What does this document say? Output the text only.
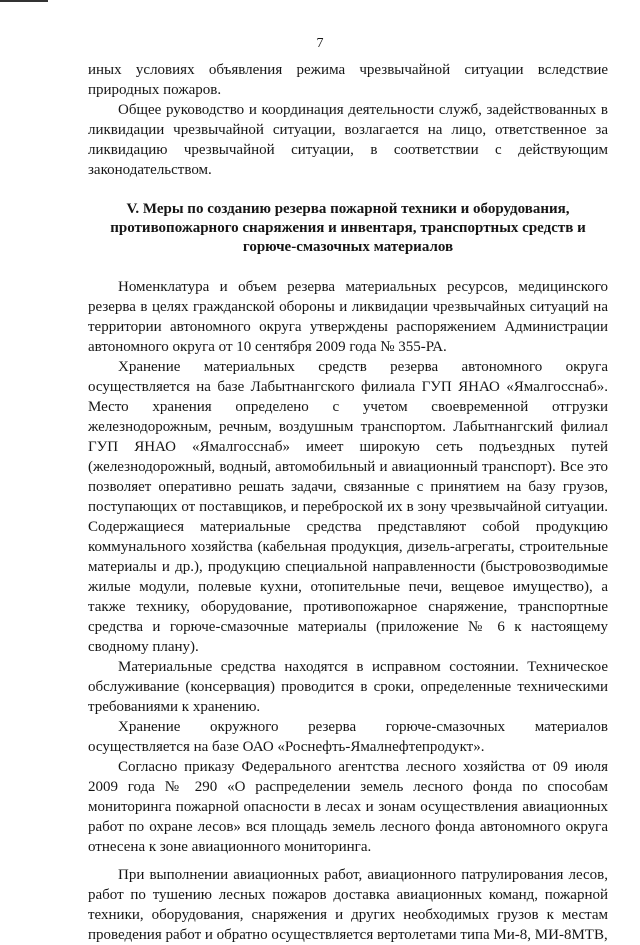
7

иных условиях объявления режима чрезвычайной ситуации вследствие природных пожаров.

Общее руководство и координация деятельности служб, задействованных в ликвидации чрезвычайной ситуации, возлагается на лицо, ответственное за ликвидацию чрезвычайной ситуации, в соответствии с действующим законодательством.

V. Меры по созданию резерва пожарной техники и оборудования, противопожарного снаряжения и инвентаря, транспортных средств и горюче-смазочных материалов

Номенклатура и объем резерва материальных ресурсов, медицинского резерва в целях гражданской обороны и ликвидации чрезвычайных ситуаций на территории автономного округа утверждены распоряжением Администрации автономного округа от 10 сентября 2009 года № 355-РА.

Хранение материальных средств резерва автономного округа осуществляется на базе Лабытнангского филиала ГУП ЯНАО «Ямалгосснаб». Место хранения определено с учетом своевременной отгрузки железнодорожным, речным, воздушным транспортом. Лабытнангский филиал ГУП ЯНАО «Ямалгосснаб» имеет широкую сеть подъездных путей (железнодорожный, водный, автомобильный и авиационный транспорт). Все это позволяет оперативно решать задачи, связанные с принятием на базу грузов, поступающих от поставщиков, и переброской их в зону чрезвычайной ситуации. Содержащиеся материальные средства представляют собой продукцию коммунального хозяйства (кабельная продукция, дизель-агрегаты, строительные материалы и др.), продукцию специальной направленности (быстровозводимые жилые модули, полевые кухни, отопительные печи, вещевое имущество), а также технику, оборудование, противопожарное снаряжение, транспортные средства и горюче-смазочные материалы (приложение № 6 к настоящему сводному плану).

Материальные средства находятся в исправном состоянии. Техническое обслуживание (консервация) проводится в сроки, определенные техническими требованиями к хранению.

Хранение окружного резерва горюче-смазочных материалов осуществляется на базе ОАО «Роснефть-Ямалнефтепродукт».

Согласно приказу Федерального агентства лесного хозяйства от 09 июля 2009 года № 290 «О распределении земель лесного фонда по способам мониторинга пожарной опасности в лесах и зонам осуществления авиационных работ по охране лесов» вся площадь земель лесного фонда автономного округа отнесена к зоне авиационного мониторинга.

При выполнении авиационных работ, авиационного патрулирования лесов, работ по тушению лесных пожаров доставка авиационных команд, пожарной техники, оборудования, снаряжения и других необходимых грузов к местам проведения работ и обратно осуществляется вертолетами типа Ми-8, МИ-8МТВ,
